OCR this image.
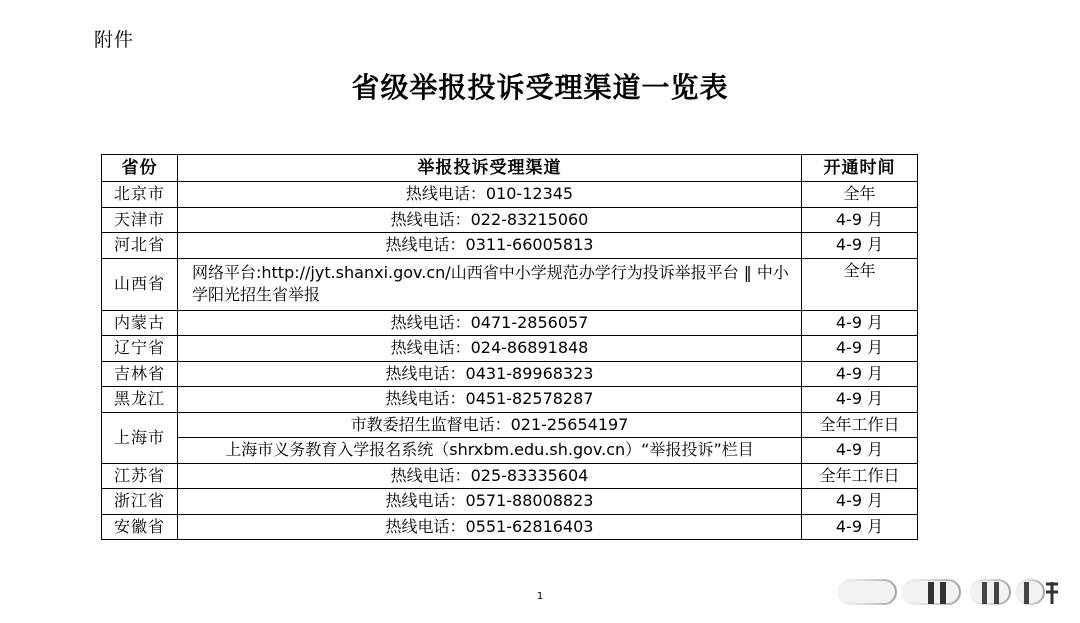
附件
省级举报投诉受理渠道一览表
省份	举报投诉受理渠道	开通时间
北京市	热线电话：010-12345	全年
天津市	热线电话：022-83215060	4-9 月
河北省	热线电话：0311-66005813	4-9 月
山西省	网络平台:http://jyt.shanxi.gov.cn/山西省中小学规范办学行为投诉举报平台 ‖ 中小学阳光招生省举报	全年
内蒙古	热线电话：0471-2856057	4-9 月
辽宁省	热线电话：024-86891848	4-9 月
吉林省	热线电话：0431-89968323	4-9 月
黑龙江	热线电话：0451-82578287	4-9 月
上海市	市教委招生监督电话：021-25654197	全年工作日
	上海市义务教育入学报名系统（shrxbm.edu.sh.gov.cn）“举报投诉”栏目	4-9 月
江苏省	热线电话：025-83335604	全年工作日
浙江省	热线电话：0571-88008823	4-9 月
安徽省	热线电话：0551-62816403	4-9 月
1
